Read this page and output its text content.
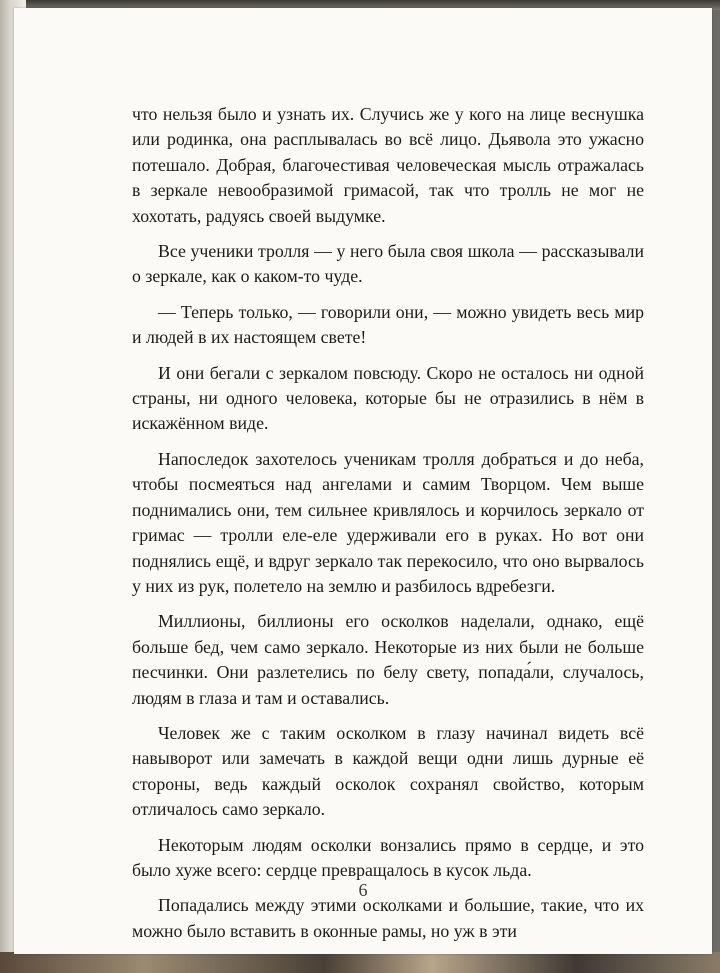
что нельзя было и узнать их. Случись же у кого на лице веснушка или родинка, она расплывалась во всё лицо. Дьявола это ужасно потешало. Добрая, благочестивая человеческая мысль отражалась в зеркале невообразимой гримасой, так что тролль не мог не хохотать, радуясь своей выдумке.

Все ученики тролля — у него была своя школа — рассказывали о зеркале, как о каком-то чуде.

— Теперь только, — говорили они, — можно увидеть весь мир и людей в их настоящем свете!

И они бегали с зеркалом повсюду. Скоро не осталось ни одной страны, ни одного человека, которые бы не отразились в нём в искажённом виде.

Напоследок захотелось ученикам тролля добраться и до неба, чтобы посмеяться над ангелами и самим Творцом. Чем выше поднимались они, тем сильнее кривлялось и корчилось зеркало от гримас — тролли еле-еле удерживали его в руках. Но вот они поднялись ещё, и вдруг зеркало так перекосило, что оно вырвалось у них из рук, полетело на землю и разбилось вдребезги.

Миллионы, биллионы его осколков наделали, однако, ещё больше бед, чем само зеркало. Некоторые из них были не больше песчинки. Они разлетелись по белу свету, попада́ли, случалось, людям в глаза и там и оставались.

Человек же с таким осколком в глазу начинал видеть всё навыворот или замечать в каждой вещи одни лишь дурные её стороны, ведь каждый осколок сохранял свойство, которым отличалось само зеркало.

Некоторым людям осколки вонзались прямо в сердце, и это было хуже всего: сердце превращалось в кусок льда.

Попадались между этими осколками и большие, такие, что их можно было вставить в оконные рамы, но уж в эти

6
